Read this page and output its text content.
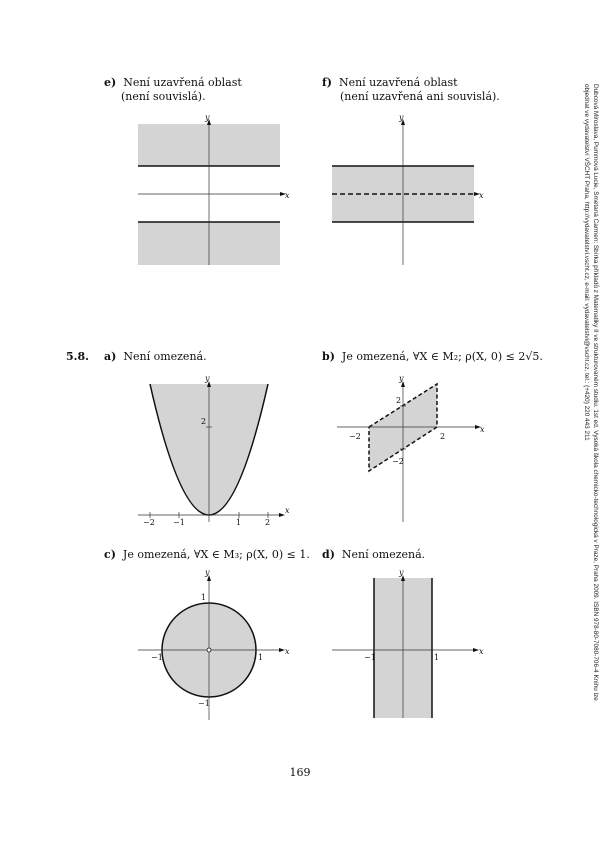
e) Není uzavřená oblast
(není souvislá).
f) Není uzavřená oblast
(není uzavřená ani souvislá).
5.8. a) Není omezená.	b) Je omezená, ∀X ∈ M₂; ρ(X, 0) ≤ 2√5.
c) Je omezená, ∀X ∈ M₃; ρ(X, 0) ≤ 1. d) Není omezená.
x
y
x
y
−2 −1	1	2
2
x
y
−2	2
2
−2
x
y
−1	1
1
−1
x
y
−1	1
x
y
169
Dubcová Miroslava, Pummová Lucie, Smetaná Carmen: Sbírka příkladů z Matematiky II ve strukturovaném studiu. 1st ed. Vysoká škola chemicko-technologická v Praze, Praha 2009. ISBN 978-80-7080-706-4 Knihu lze objednat ve vydavatelství VŠCHT Praha, http://vydavatelstvi.vscht.cz, e-mail: vydavatelstvi@vscht.cz, tel.: (+420) 220 443 211
